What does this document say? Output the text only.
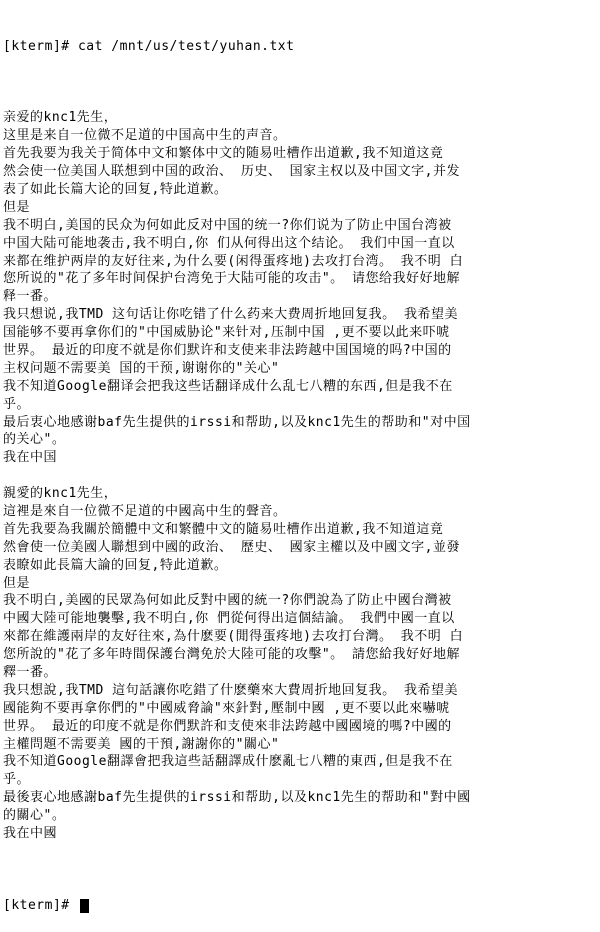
[kterm]# cat /mnt/us/test/yuhan.txt

亲爱的knc1先生，
这里是来自一位微不足道的中国高中生的声音。
首先我要为我关于简体中文和繁体中文的随易吐槽作出道歉,我不知道这竟
然会使一位美国人联想到中国的政治、 历史、 国家主权以及中国文字,并发
表了如此长篇大论的回复,特此道歉。
但是
我不明白,美国的民众为何如此反对中国的统一?你们说为了防止中国台湾被
中国大陆可能地袭击,我不明白,你 们从何得出这个结论。 我们中国一直以
来都在维护两岸的友好往来,为什么要(闲得蛋疼地)去攻打台湾。 我不明 白
您所说的"花了多年时间保护台湾免于大陆可能的攻击"。 请您给我好好地解
释一番。
我只想说,我TMD 这句话让你吃错了什么药来大费周折地回复我。 我希望美
国能够不要再拿你们的"中国威胁论"来针对,压制中国 ,更不要以此来吓唬
世界。 最近的印度不就是你们默许和支使来非法跨越中国国境的吗?中国的
主权问题不需要美 国的干预,谢谢你的"关心"
我不知道Google翻译会把我这些话翻译成什么乱七八糟的东西,但是我不在
乎。
最后衷心地感谢baf先生提供的irssi和帮助,以及knc1先生的帮助和"对中国
的关心"。
我在中国

親愛的knc1先生，
這裡是來自一位微不足道的中國高中生的聲音。
首先我要為我關於簡體中文和繁體中文的隨易吐槽作出道歉,我不知道這竟
然會使一位美國人聯想到中國的政治、 歷史、 國家主權以及中國文字,並發
表瞭如此長篇大論的回复,特此道歉。
但是
我不明白,美國的民眾為何如此反對中國的統一?你們說為了防止中國台灣被
中國大陸可能地襲擊,我不明白,你 們從何得出這個結論。 我們中國一直以
來都在維護兩岸的友好往來,為什麽要(閒得蛋疼地)去攻打台灣。 我不明 白
您所說的"花了多年時間保護台灣免於大陸可能的攻擊"。 請您給我好好地解
釋一番。
我只想說,我TMD 這句話讓你吃錯了什麽藥來大費周折地回复我。 我希望美
國能夠不要再拿你們的"中國威脅論"來針對,壓制中國 ,更不要以此來嚇唬
世界。 最近的印度不就是你們默許和支使來非法跨越中國國境的嗎?中國的
主權問題不需要美 國的干預,謝謝你的"關心"
我不知道Google翻譯會把我這些話翻譯成什麽亂七八糟的東西,但是我不在
乎。
最後衷心地感謝baf先生提供的irssi和帮助,以及knc1先生的帮助和"對中國
的關心"。
我在中國

[kterm]#
